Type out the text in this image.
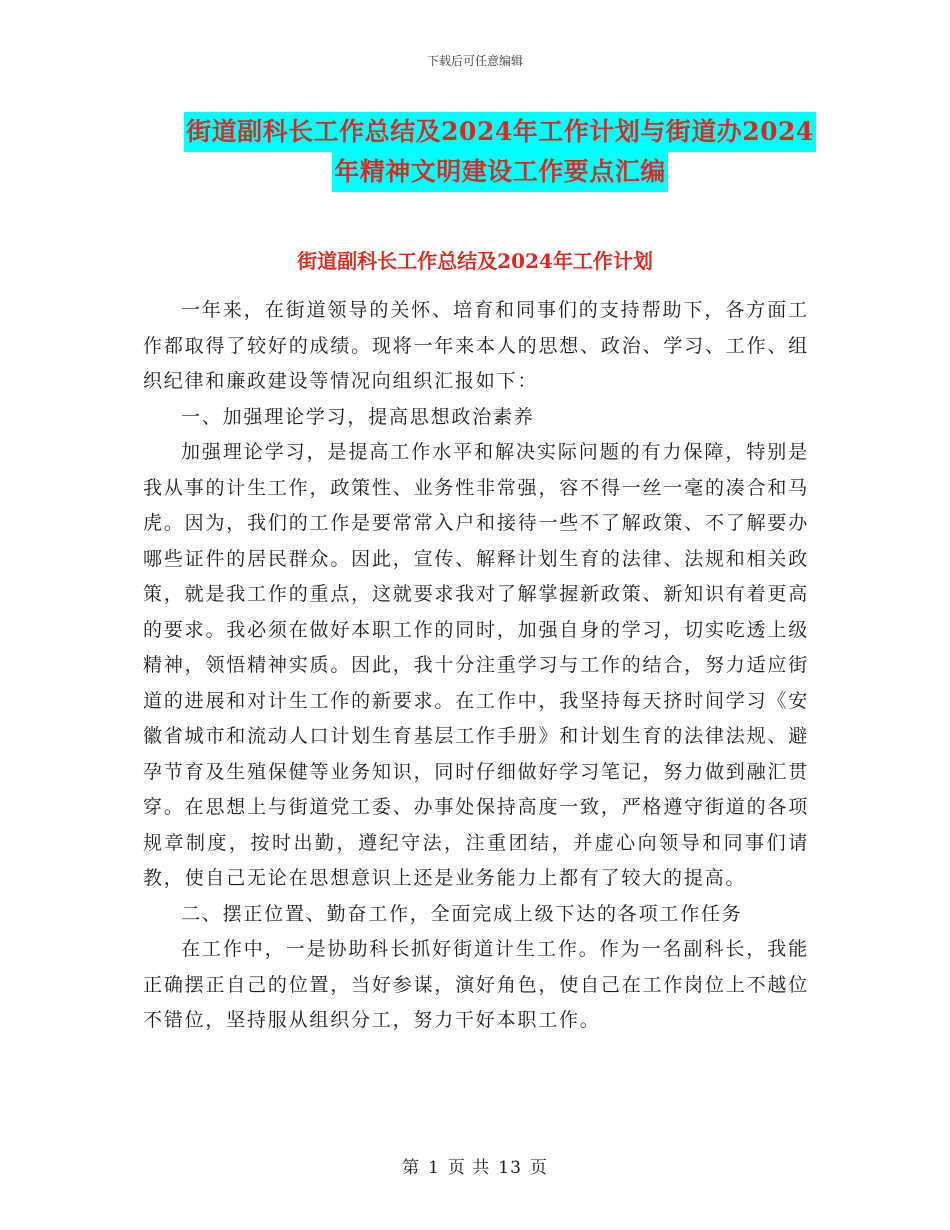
下载后可任意编辑
街道副科长工作总结及2024年工作计划与街道办2024
年精神文明建设工作要点汇编
街道副科长工作总结及2024年工作计划

一年来，在街道领导的关怀、培育和同事们的支持帮助下，各方面工作都取得了较好的成绩。现将一年来本人的思想、政治、学习、工作、组织纪律和廉政建设等情况向组织汇报如下：

一、加强理论学习，提高思想政治素养

加强理论学习，是提高工作水平和解决实际问题的有力保障，特别是我从事的计生工作，政策性、业务性非常强，容不得一丝一毫的凑合和马虎。因为，我们的工作是要常常入户和接待一些不了解政策、不了解要办哪些证件的居民群众。因此，宣传、解释计划生育的法律、法规和相关政策，就是我工作的重点，这就要求我对了解掌握新政策、新知识有着更高的要求。我必须在做好本职工作的同时，加强自身的学习，切实吃透上级精神，领悟精神实质。因此，我十分注重学习与工作的结合，努力适应街道的进展和对计生工作的新要求。在工作中，我坚持每天挤时间学习《安徽省城市和流动人口计划生育基层工作手册》和计划生育的法律法规、避孕节育及生殖保健等业务知识，同时仔细做好学习笔记，努力做到融汇贯穿。在思想上与街道党工委、办事处保持高度一致，严格遵守街道的各项规章制度，按时出勤，遵纪守法，注重团结，并虚心向领导和同事们请教，使自己无论在思想意识上还是业务能力上都有了较大的提高。

二、摆正位置、勤奋工作，全面完成上级下达的各项工作任务

在工作中，一是协助科长抓好街道计生工作。作为一名副科长，我能正确摆正自己的位置，当好参谋，演好角色，使自己在工作岗位上不越位不错位，坚持服从组织分工，努力干好本职工作。

第 1 页 共 13 页
